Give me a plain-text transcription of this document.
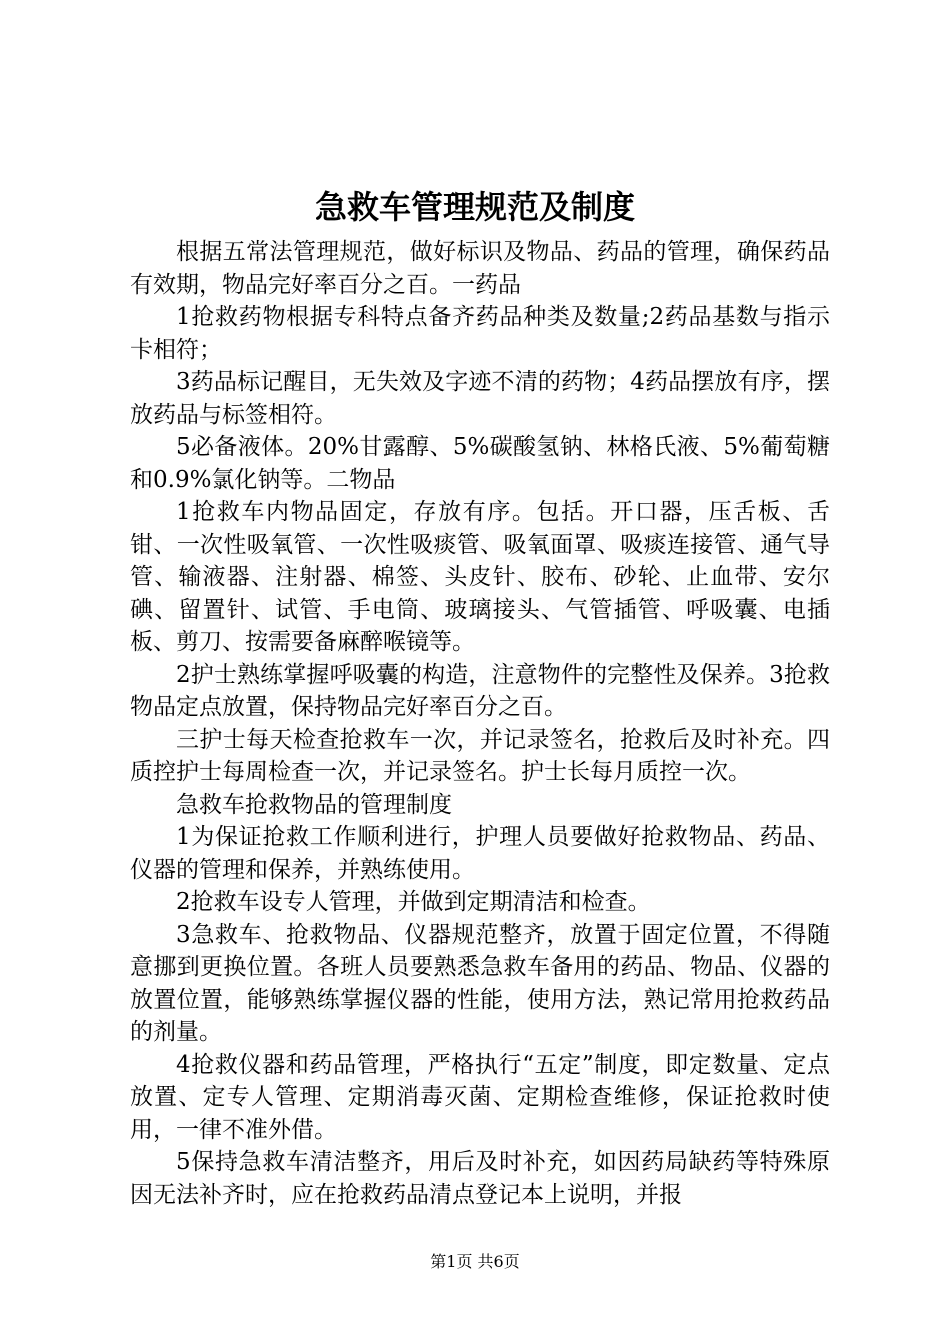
急救车管理规范及制度

根据五常法管理规范，做好标识及物品、药品的管理，确保药品有效期，物品完好率百分之百。一药品

1抢救药物根据专科特点备齐药品种类及数量;2药品基数与指示卡相符；

3药品标记醒目，无失效及字迹不清的药物；4药品摆放有序，摆放药品与标签相符。

5必备液体。20%甘露醇、5%碳酸氢钠、林格氏液、5%葡萄糖和0.9%氯化钠等。二物品

1抢救车内物品固定，存放有序。包括。开口器，压舌板、舌钳、一次性吸氧管、一次性吸痰管、吸氧面罩、吸痰连接管、通气导管、输液器、注射器、棉签、头皮针、胶布、砂轮、止血带、安尔碘、留置针、试管、手电筒、玻璃接头、气管插管、呼吸囊、电插板、剪刀、按需要备麻醉喉镜等。

2护士熟练掌握呼吸囊的构造，注意物件的完整性及保养。3抢救物品定点放置，保持物品完好率百分之百。

三护士每天检查抢救车一次，并记录签名，抢救后及时补充。四质控护士每周检查一次，并记录签名。护士长每月质控一次。

急救车抢救物品的管理制度

1为保证抢救工作顺利进行，护理人员要做好抢救物品、药品、仪器的管理和保养，并熟练使用。

2抢救车设专人管理，并做到定期清洁和检查。

3急救车、抢救物品、仪器规范整齐，放置于固定位置，不得随意挪到更换位置。各班人员要熟悉急救车备用的药品、物品、仪器的放置位置，能够熟练掌握仪器的性能，使用方法，熟记常用抢救药品的剂量。

4抢救仪器和药品管理，严格执行“五定”制度，即定数量、定点放置、定专人管理、定期消毒灭菌、定期检查维修，保证抢救时使用，一律不准外借。

5保持急救车清洁整齐，用后及时补充，如因药局缺药等特殊原因无法补齐时，应在抢救药品清点登记本上说明，并报

第1页 共6页
